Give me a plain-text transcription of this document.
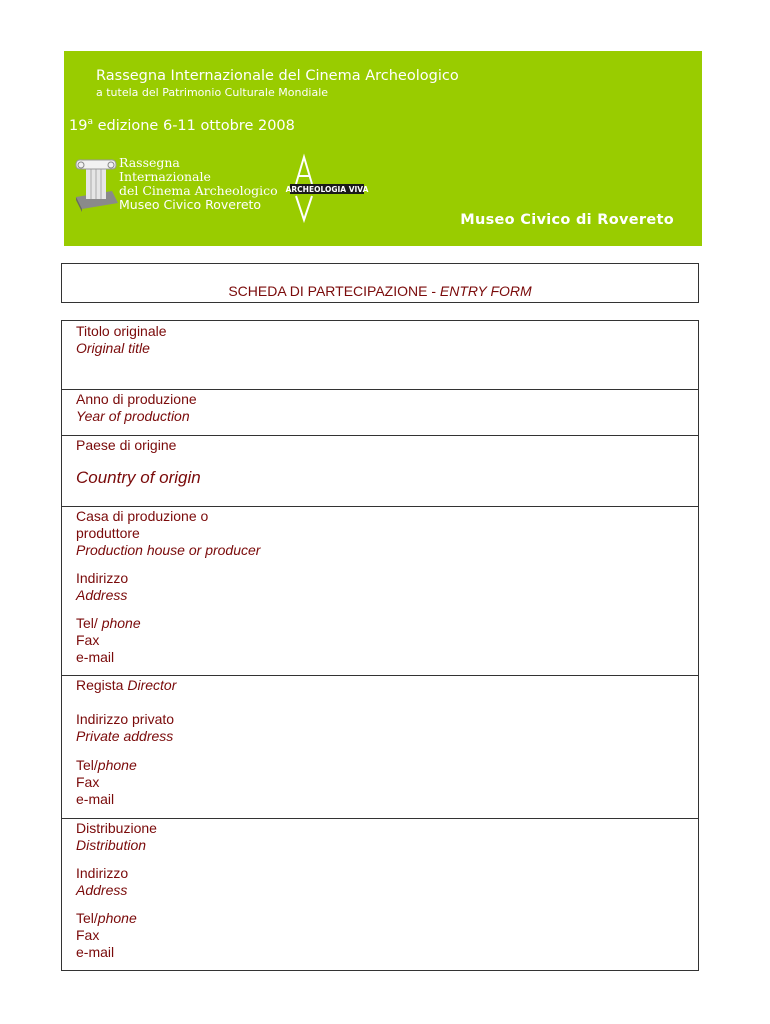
Rassegna Internazionale del Cinema Archeologico
a tutela del Patrimonio Culturale Mondiale
19$^a$ edizione 6-11 ottobre 2008
Rassegna
Internazionale
del Cinema Archeologico
Museo Civico Rovereto
ARCHEOLOGIA VIVA
Museo Civico di Rovereto
SCHEDA DI PARTECIPAZIONE - ENTRY FORM
Titolo originale
Original title
Anno di produzione
Year of production
Paese di origine
Country of origin
Casa di produzione o
produttore
Production house or producer
Indirizzo
Address
Tel/ phone
Fax
e-mail
Regista Director
Indirizzo privato
Private address
Tel/phone
Fax
e-mail
Distribuzione
Distribution
Indirizzo
Address
Tel/phone
Fax
e-mail
